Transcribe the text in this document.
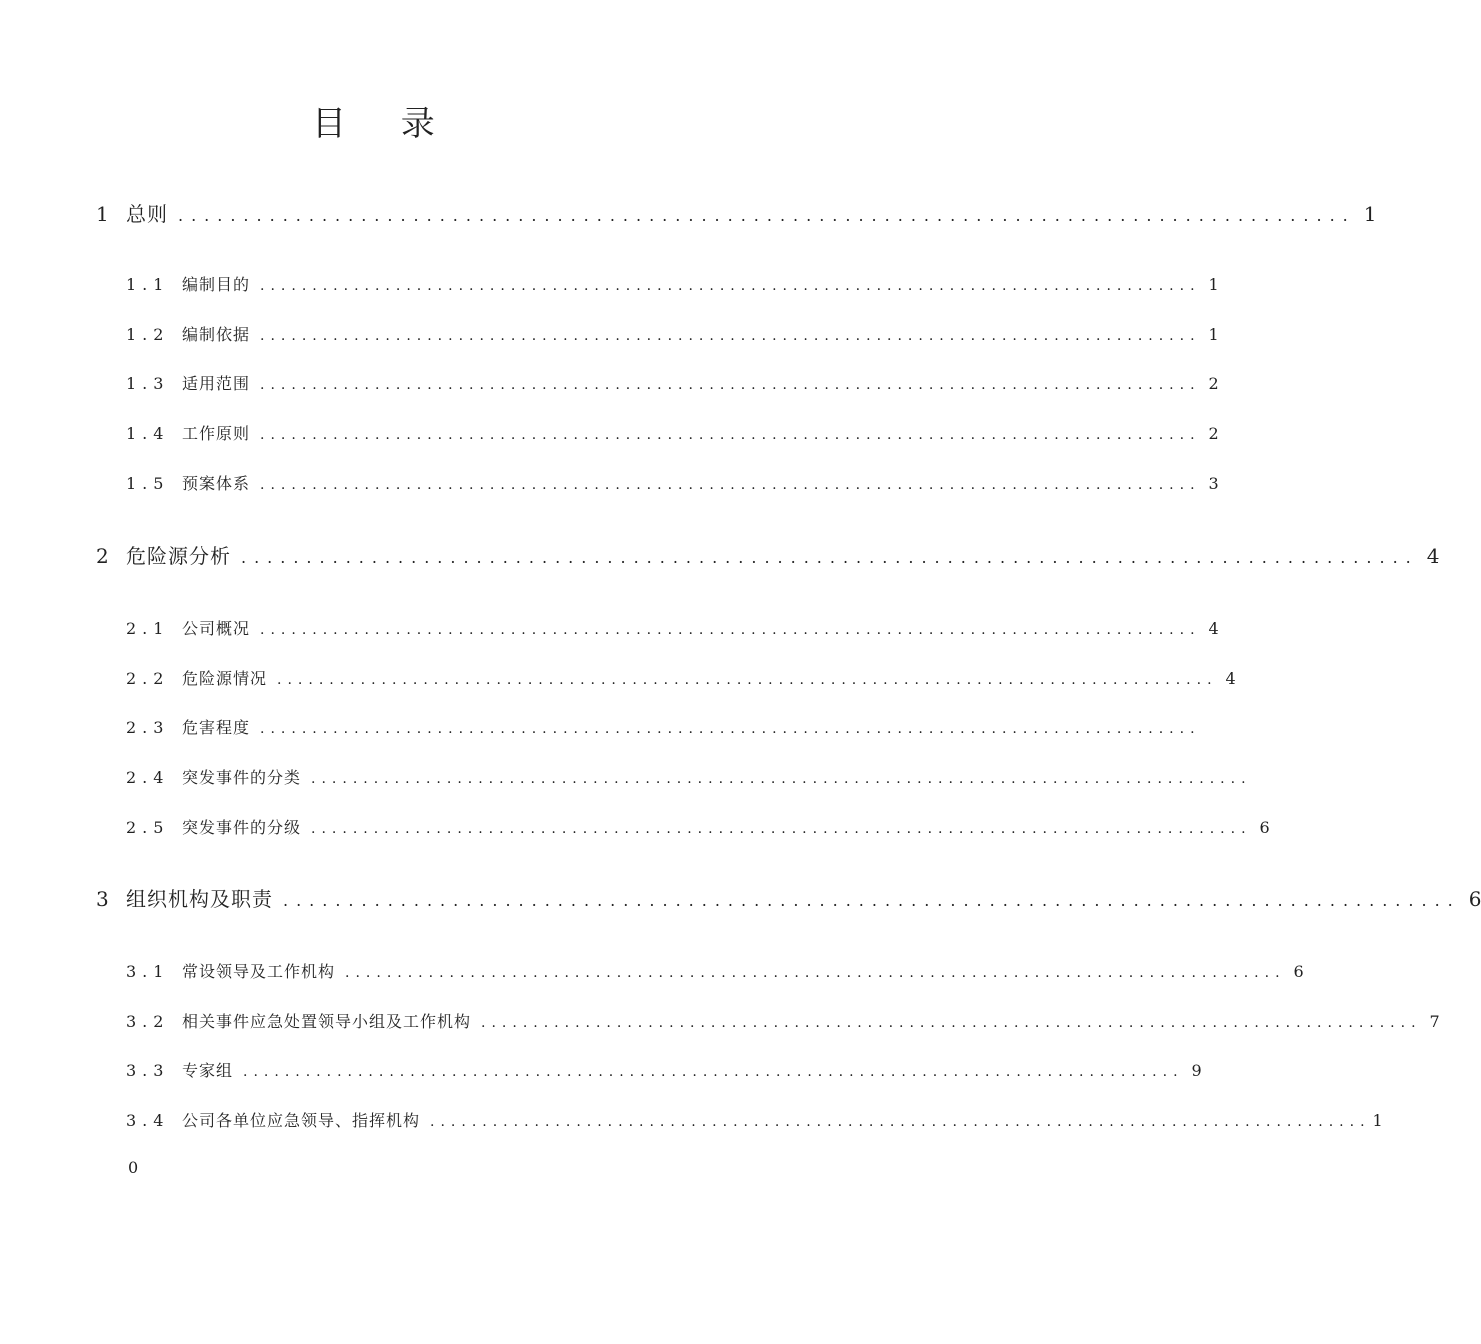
目 录
1 总则 .......................................................................................... 1
1.1 编制目的 .......................................................................................... 1
1.2 编制依据 .......................................................................................... 1
1.3 适用范围 .......................................................................................... 2
1.4 工作原则 .......................................................................................... 2
1.5 预案体系 .......................................................................................... 3
2 危险源分析 .......................................................................................... 4
2.1 公司概况 .......................................................................................... 4
2.2 危险源情况 .......................................................................................... 4
2.3 危害程度 ..........................................................................................
2.4 突发事件的分类 ..........................................................................................
2.5 突发事件的分级 .......................................................................................... 6
3 组织机构及职责 .......................................................................................... 6
3.1 常设领导及工作机构 .......................................................................................... 6
3.2 相关事件应急处置领导小组及工作机构 .......................................................................................... 7
3.3 专家组 .......................................................................................... 9
3.4 公司各单位应急领导、指挥机构 .......................................................................................... 1
0
